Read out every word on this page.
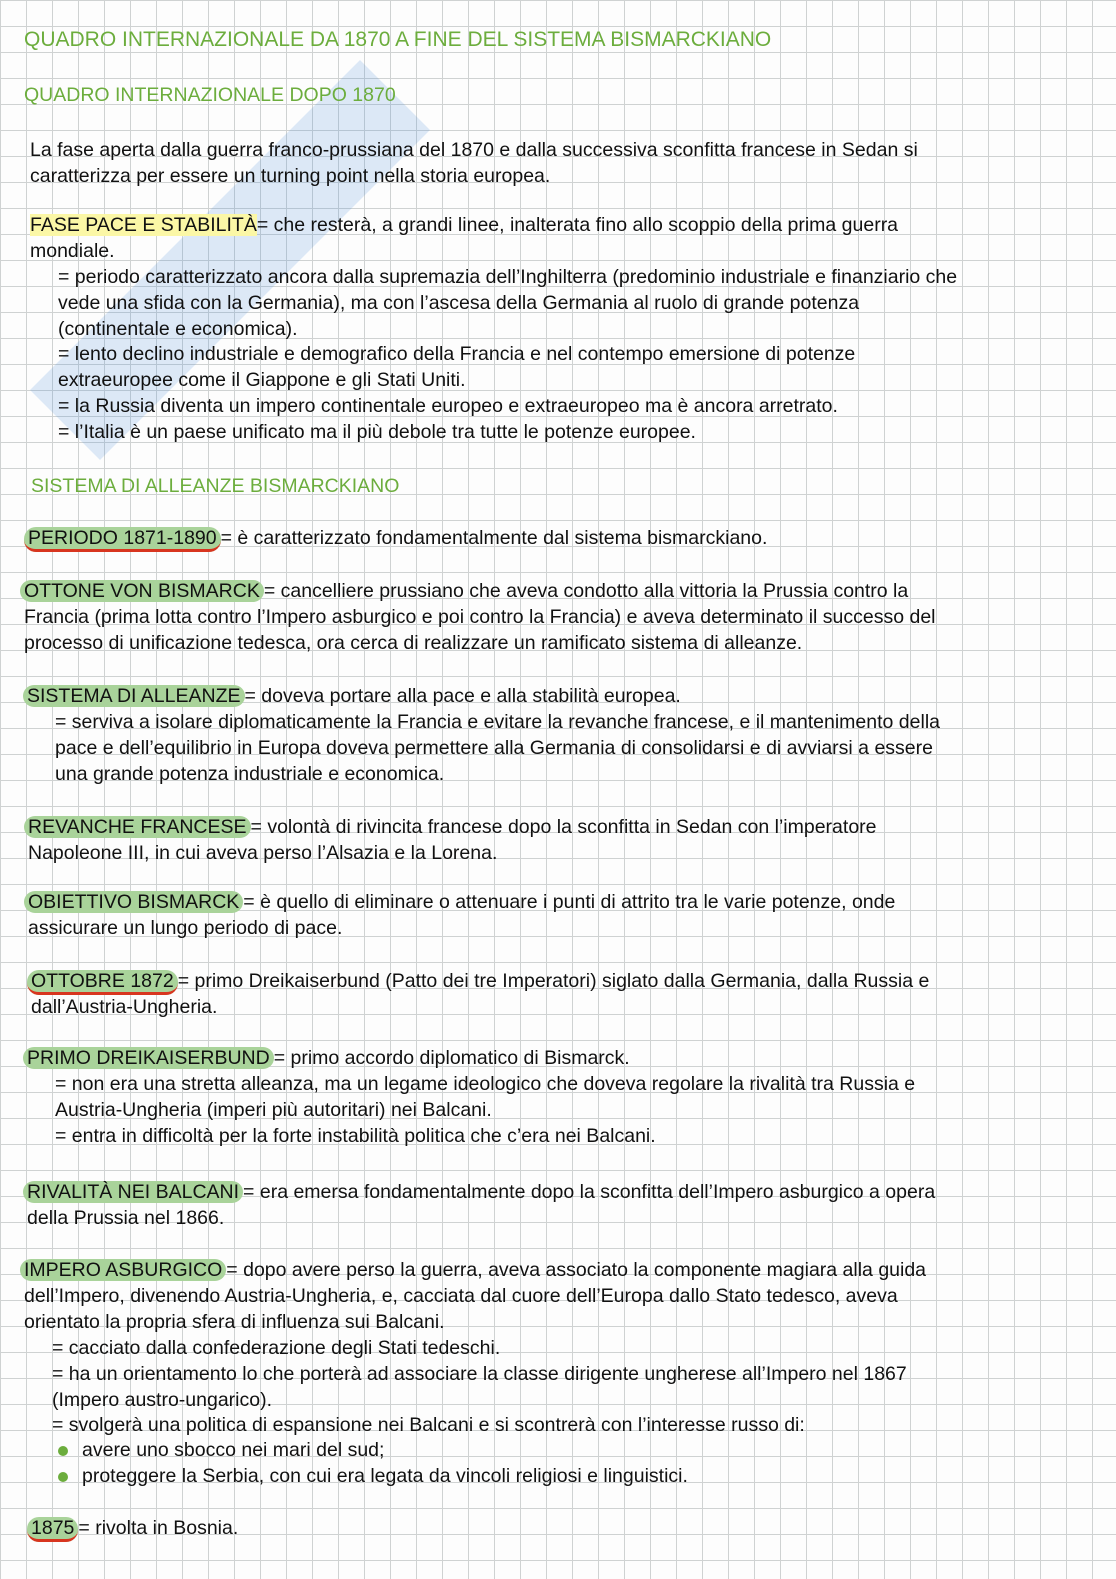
QUADRO INTERNAZIONALE DA 1870 A FINE DEL SISTEMA BISMARCKIANO
QUADRO INTERNAZIONALE DOPO 1870
La fase aperta dalla guerra franco-prussiana del 1870 e dalla successiva sconfitta francese in Sedan si
caratterizza per essere un turning point nella storia europea.
FASE PACE E STABILITÀ= che resterà, a grandi linee, inalterata fino allo scoppio della prima guerra
mondiale.
= periodo caratterizzato ancora dalla supremazia dell’Inghilterra (predominio industriale e finanziario che
vede una sfida con la Germania), ma con l’ascesa della Germania al ruolo di grande potenza
(continentale e economica).
= lento declino industriale e demografico della Francia e nel contempo emersione di potenze
extraeuropee come il Giappone e gli Stati Uniti.
= la Russia diventa un impero continentale europeo e extraeuropeo ma è ancora arretrato.
= l’Italia è un paese unificato ma il più debole tra tutte le potenze europee.
SISTEMA DI ALLEANZE BISMARCKIANO
PERIODO 1871-1890 = è caratterizzato fondamentalmente dal sistema bismarckiano.
OTTONE VON BISMARCK = cancelliere prussiano che aveva condotto alla vittoria la Prussia contro la
Francia (prima lotta contro l’Impero asburgico e poi contro la Francia) e aveva determinato il successo del
processo di unificazione tedesca, ora cerca di realizzare un ramificato sistema di alleanze.
SISTEMA DI ALLEANZE = doveva portare alla pace e alla stabilità europea.
= serviva a isolare diplomaticamente la Francia e evitare la revanche francese, e il mantenimento della
pace e dell’equilibrio in Europa doveva permettere alla Germania di consolidarsi e di avviarsi a essere
una grande potenza industriale e economica.
REVANCHE FRANCESE = volontà di rivincita francese dopo la sconfitta in Sedan con l’imperatore
Napoleone III, in cui aveva perso l’Alsazia e la Lorena.
OBIETTIVO BISMARCK = è quello di eliminare o attenuare i punti di attrito tra le varie potenze, onde
assicurare un lungo periodo di pace.
OTTOBRE 1872 = primo Dreikaiserbund (Patto dei tre Imperatori) siglato dalla Germania, dalla Russia e
dall’Austria-Ungheria.
PRIMO DREIKAISERBUND = primo accordo diplomatico di Bismarck.
= non era una stretta alleanza, ma un legame ideologico che doveva regolare la rivalità tra Russia e
Austria-Ungheria (imperi più autoritari) nei Balcani.
= entra in difficoltà per la forte instabilità politica che c’era nei Balcani.
RIVALITÀ NEI BALCANI = era emersa fondamentalmente dopo la sconfitta dell’Impero asburgico a opera
della Prussia nel 1866.
IMPERO ASBURGICO = dopo avere perso la guerra, aveva associato la componente magiara alla guida
dell’Impero, divenendo Austria-Ungheria, e, cacciata dal cuore dell’Europa dallo Stato tedesco, aveva
orientato la propria sfera di influenza sui Balcani.
= cacciato dalla confederazione degli Stati tedeschi.
= ha un orientamento lo che porterà ad associare la classe dirigente ungherese all’Impero nel 1867
(Impero austro-ungarico).
= svolgerà una politica di espansione nei Balcani e si scontrerà con l’interesse russo di:
avere uno sbocco nei mari del sud;
proteggere la Serbia, con cui era legata da vincoli religiosi e linguistici.
1875 = rivolta in Bosnia.
